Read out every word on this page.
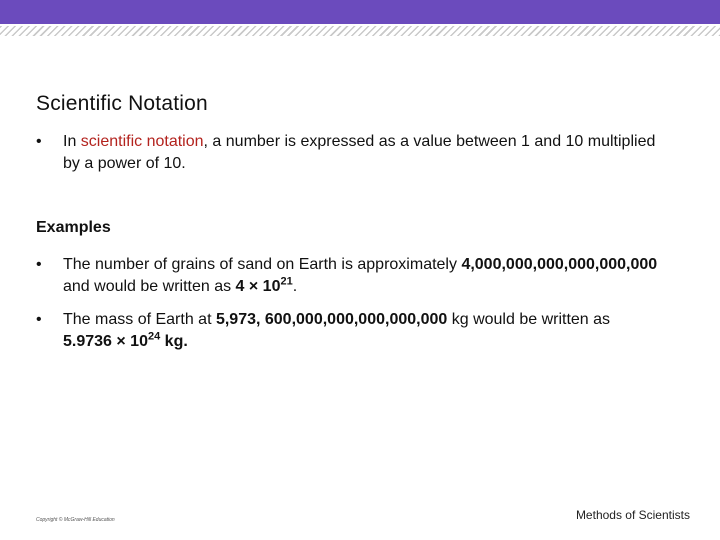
Scientific Notation
•	In scientific notation, a number is expressed as a value between 1 and 10 multiplied by a power of 10.
Examples
•	The number of grains of sand on Earth is approximately 4,000,000,000,000,000,000 and would be written as $4 \times 10^{21}$.
•	The mass of Earth at 5,973, 600,000,000,000,000,000 kg would be written as $5.9736 \times 10^{24}$ kg.
Copyright © McGraw-Hill Education	Methods of Scientists
